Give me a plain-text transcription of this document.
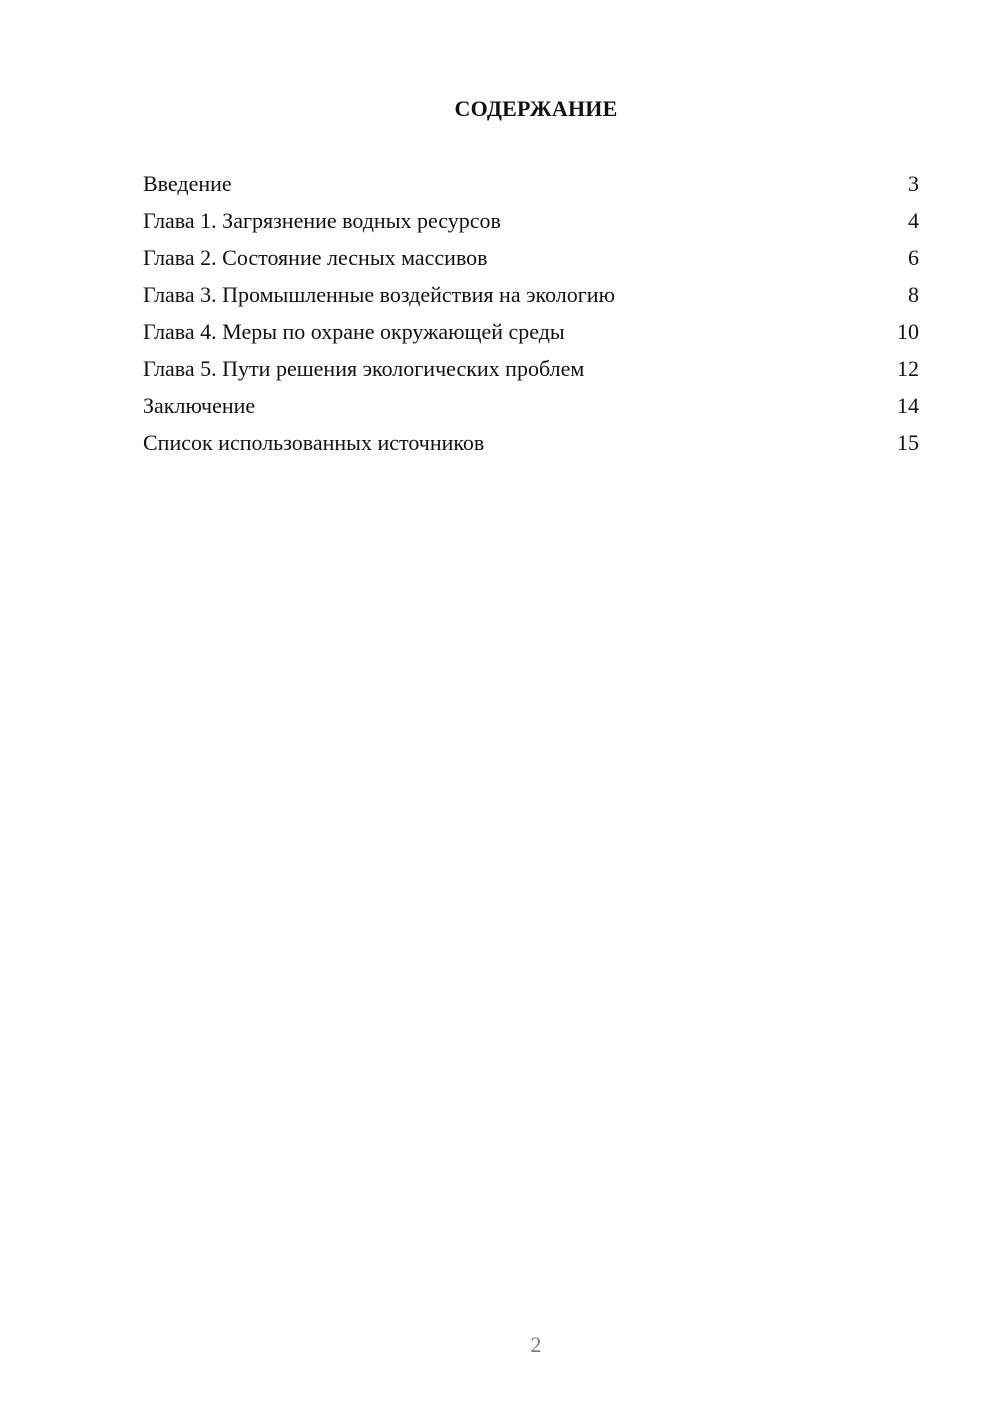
СОДЕРЖАНИЕ
Введение	3
Глава 1. Загрязнение водных ресурсов	4
Глава 2. Состояние лесных массивов	6
Глава 3. Промышленные воздействия на экологию	8
Глава 4. Меры по охране окружающей среды	10
Глава 5. Пути решения экологических проблем	12
Заключение	14
Список использованных источников	15
2
